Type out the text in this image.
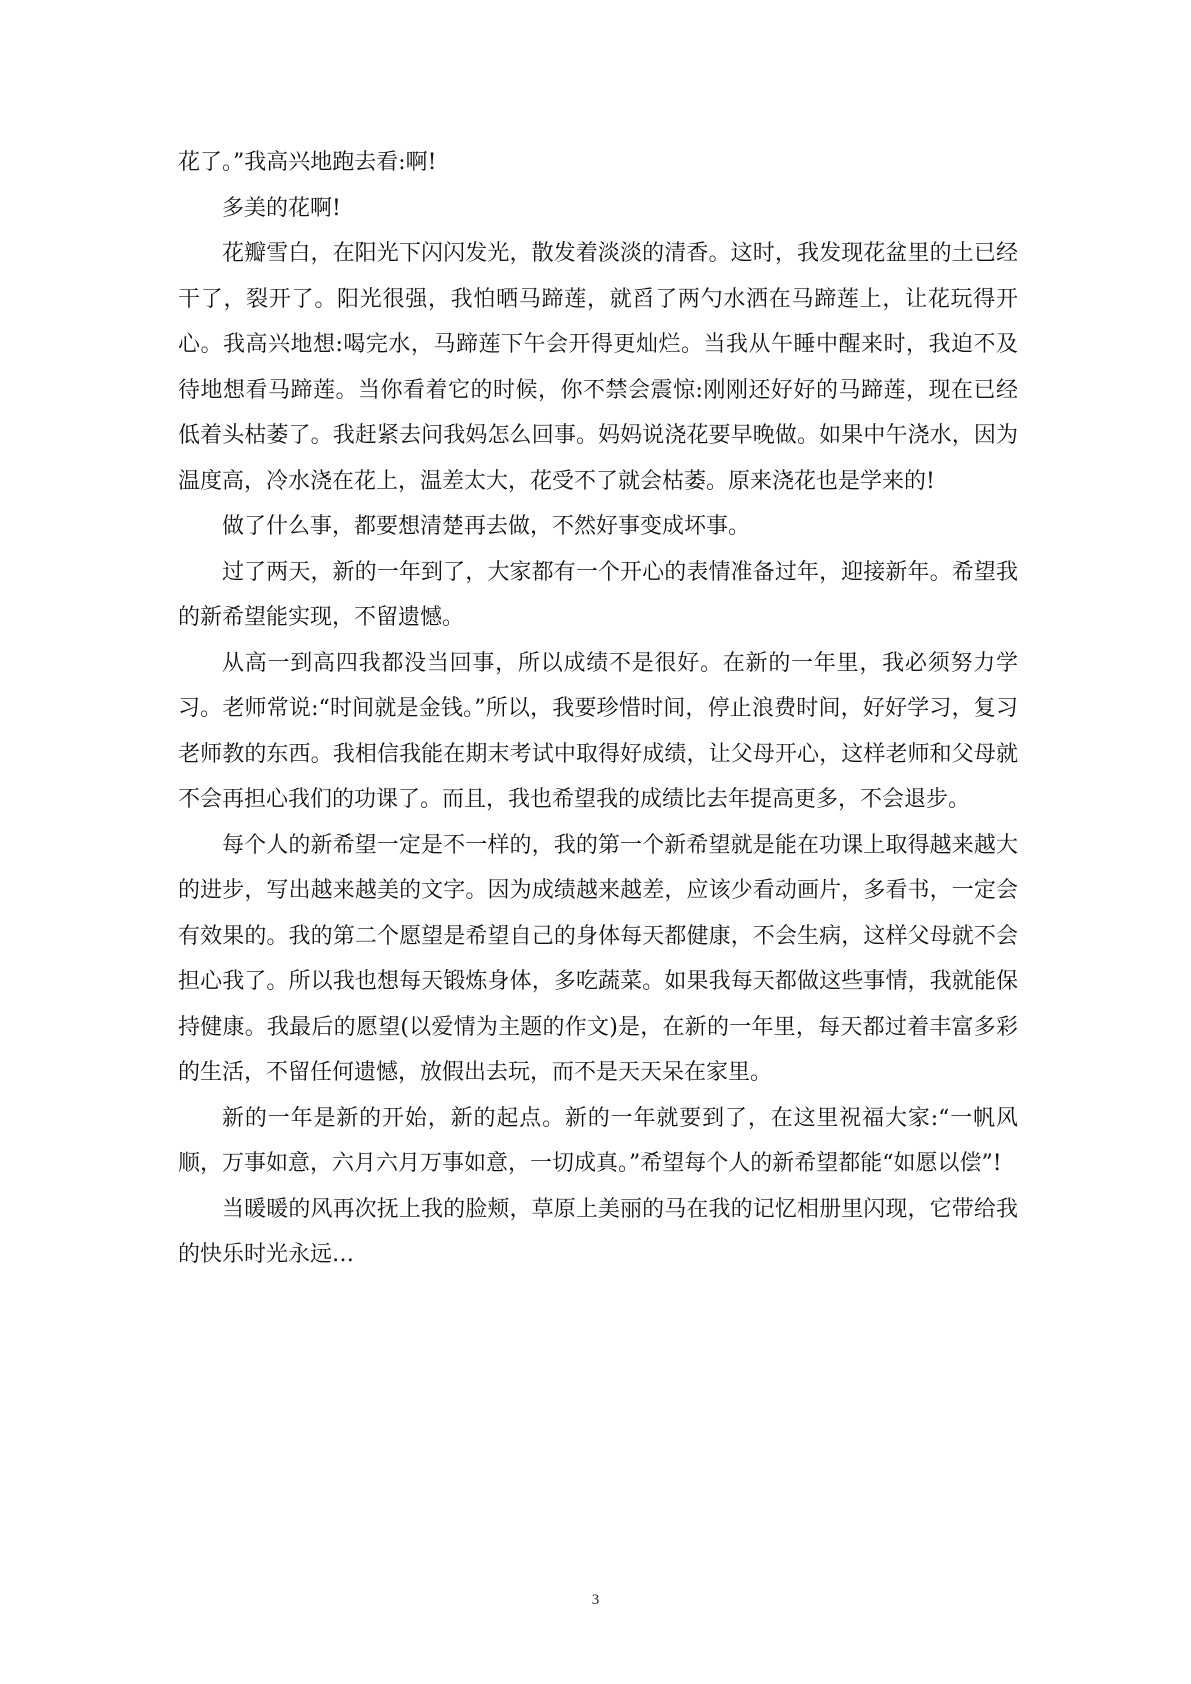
花了。”我高兴地跑去看:啊!

多美的花啊!

花瓣雪白，在阳光下闪闪发光，散发着淡淡的清香。这时，我发现花盆里的土已经干了，裂开了。阳光很强，我怕晒马蹄莲，就舀了两勺水洒在马蹄莲上，让花玩得开心。我高兴地想:喝完水，马蹄莲下午会开得更灿烂。当我从午睡中醒来时，我迫不及待地想看马蹄莲。当你看着它的时候，你不禁会震惊:刚刚还好好的马蹄莲，现在已经低着头枯萎了。我赶紧去问我妈怎么回事。妈妈说浇花要早晚做。如果中午浇水，因为温度高，冷水浇在花上，温差太大，花受不了就会枯萎。原来浇花也是学来的!

做了什么事，都要想清楚再去做，不然好事变成坏事。

过了两天，新的一年到了，大家都有一个开心的表情准备过年，迎接新年。希望我的新希望能实现，不留遗憾。

从高一到高四我都没当回事，所以成绩不是很好。在新的一年里，我必须努力学习。老师常说:“时间就是金钱。”所以，我要珍惜时间，停止浪费时间，好好学习，复习老师教的东西。我相信我能在期末考试中取得好成绩，让父母开心，这样老师和父母就不会再担心我们的功课了。而且，我也希望我的成绩比去年提高更多，不会退步。

每个人的新希望一定是不一样的，我的第一个新希望就是能在功课上取得越来越大的进步，写出越来越美的文字。因为成绩越来越差，应该少看动画片，多看书，一定会有效果的。我的第二个愿望是希望自己的身体每天都健康，不会生病，这样父母就不会担心我了。所以我也想每天锻炼身体，多吃蔬菜。如果我每天都做这些事情，我就能保持健康。我最后的愿望(以爱情为主题的作文)是，在新的一年里，每天都过着丰富多彩的生活，不留任何遗憾，放假出去玩，而不是天天呆在家里。

新的一年是新的开始，新的起点。新的一年就要到了，在这里祝福大家:“一帆风顺，万事如意，六月六月万事如意，一切成真。”希望每个人的新希望都能“如愿以偿”!

当暖暖的风再次抚上我的脸颊，草原上美丽的马在我的记忆相册里闪现，它带给我的快乐时光永远…

3
